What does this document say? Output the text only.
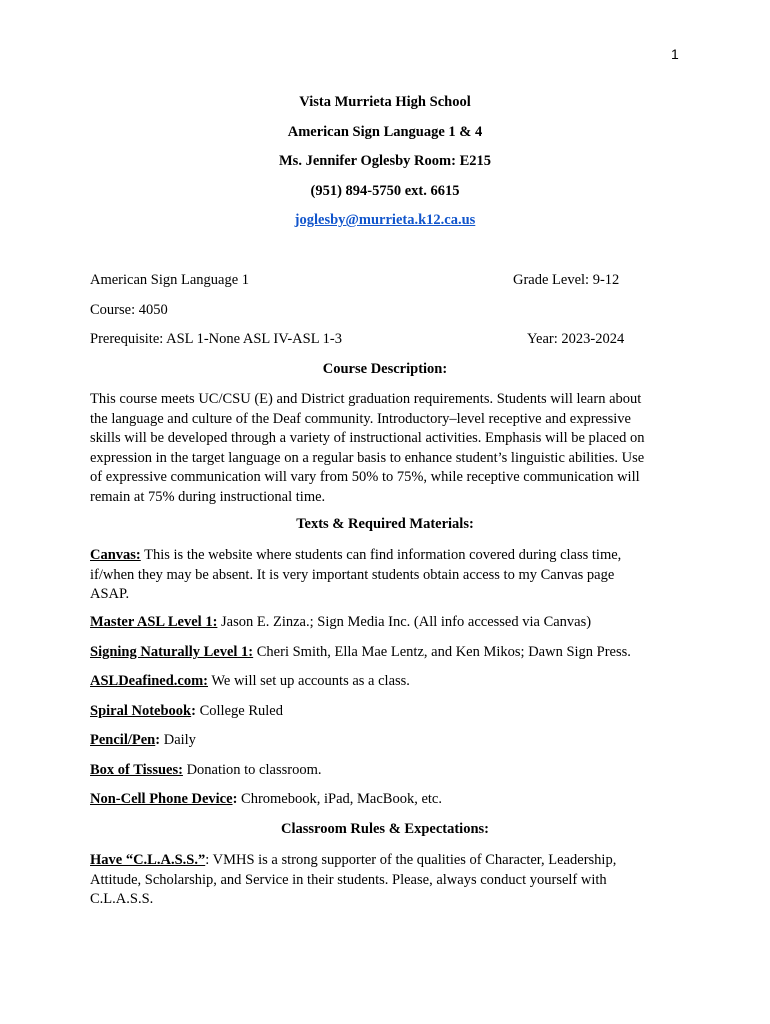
1
Vista Murrieta High School
American Sign Language 1 & 4
Ms. Jennifer Oglesby Room: E215
(951) 894-5750 ext. 6615
joglesby@murrieta.k12.ca.us
American Sign Language 1	Grade Level: 9-12
Course: 4050
Prerequisite: ASL 1-None ASL IV-ASL 1-3	Year: 2023-2024
Course Description:
This course meets UC/CSU (E) and District graduation requirements. Students will learn about
the language and culture of the Deaf community. Introductory–level receptive and expressive
skills will be developed through a variety of instructional activities. Emphasis will be placed on
expression in the target language on a regular basis to enhance student’s linguistic abilities. Use
of expressive communication will vary from 50% to 75%, while receptive communication will
remain at 75% during instructional time.
Texts & Required Materials:
Canvas: This is the website where students can find information covered during class time,
if/when they may be absent. It is very important students obtain access to my Canvas page
ASAP.
Master ASL Level 1: Jason E. Zinza.; Sign Media Inc. (All info accessed via Canvas)
Signing Naturally Level 1: Cheri Smith, Ella Mae Lentz, and Ken Mikos; Dawn Sign Press.
ASLDeafined.com: We will set up accounts as a class.
Spiral Notebook: College Ruled
Pencil/Pen: Daily
Box of Tissues: Donation to classroom.
Non-Cell Phone Device: Chromebook, iPad, MacBook, etc.
Classroom Rules & Expectations:
Have “C.L.A.S.S.”: VMHS is a strong supporter of the qualities of Character, Leadership,
Attitude, Scholarship, and Service in their students. Please, always conduct yourself with
C.L.A.S.S.
